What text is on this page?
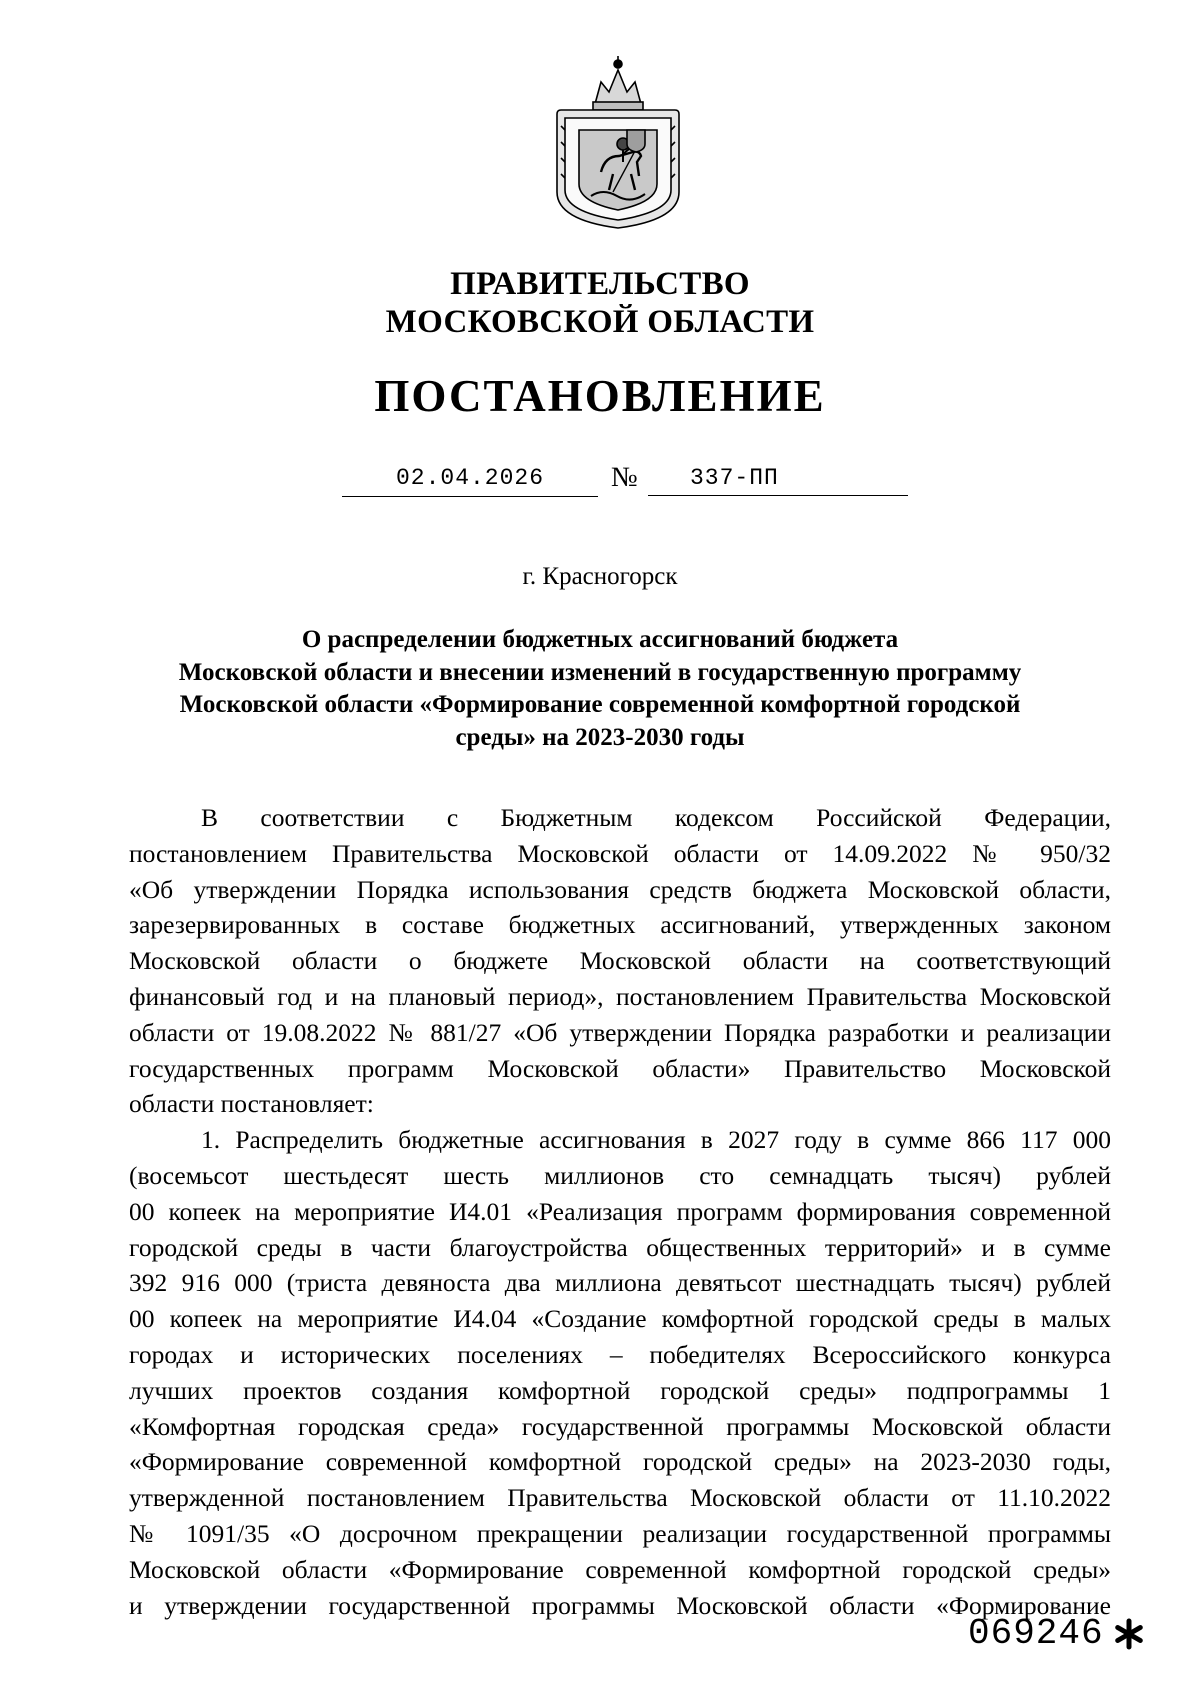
ПРАВИТЕЛЬСТВО
МОСКОВСКОЙ ОБЛАСТИ
ПОСТАНОВЛЕНИЕ
02.04.2026	№	337-ПП
г. Красногорск
О распределении бюджетных ассигнований бюджета
Московской области и внесении изменений в государственную программу
Московской области «Формирование современной комфортной городской
среды» на 2023-2030 годы
В соответствии с Бюджетным кодексом Российской Федерации,
постановлением Правительства Московской области от 14.09.2022 № 950/32
«Об утверждении Порядка использования средств бюджета Московской области,
зарезервированных в составе бюджетных ассигнований, утвержденных законом
Московской области о бюджете Московской области на соответствующий
финансовый год и на плановый период», постановлением Правительства Московской
области от 19.08.2022 № 881/27 «Об утверждении Порядка разработки и реализации
государственных программ Московской области» Правительство Московской
области постановляет:
1. Распределить бюджетные ассигнования в 2027 году в сумме 866 117 000
(восемьсот шестьдесят шесть миллионов сто семнадцать тысяч) рублей
00 копеек на мероприятие И4.01 «Реализация программ формирования современной
городской среды в части благоустройства общественных территорий» и в сумме
392 916 000 (триста девяноста два миллиона девятьсот шестнадцать тысяч) рублей
00 копеек на мероприятие И4.04 «Создание комфортной городской среды в малых
городах и исторических поселениях – победителях Всероссийского конкурса
лучших проектов создания комфортной городской среды» подпрограммы 1
«Комфортная городская среда» государственной программы Московской области
«Формирование современной комфортной городской среды» на 2023-2030 годы,
утвержденной постановлением Правительства Московской области от 11.10.2022
№ 1091/35 «О досрочном прекращении реализации государственной программы
Московской области «Формирование современной комфортной городской среды»
и утверждении государственной программы Московской области «Формирование
069246
